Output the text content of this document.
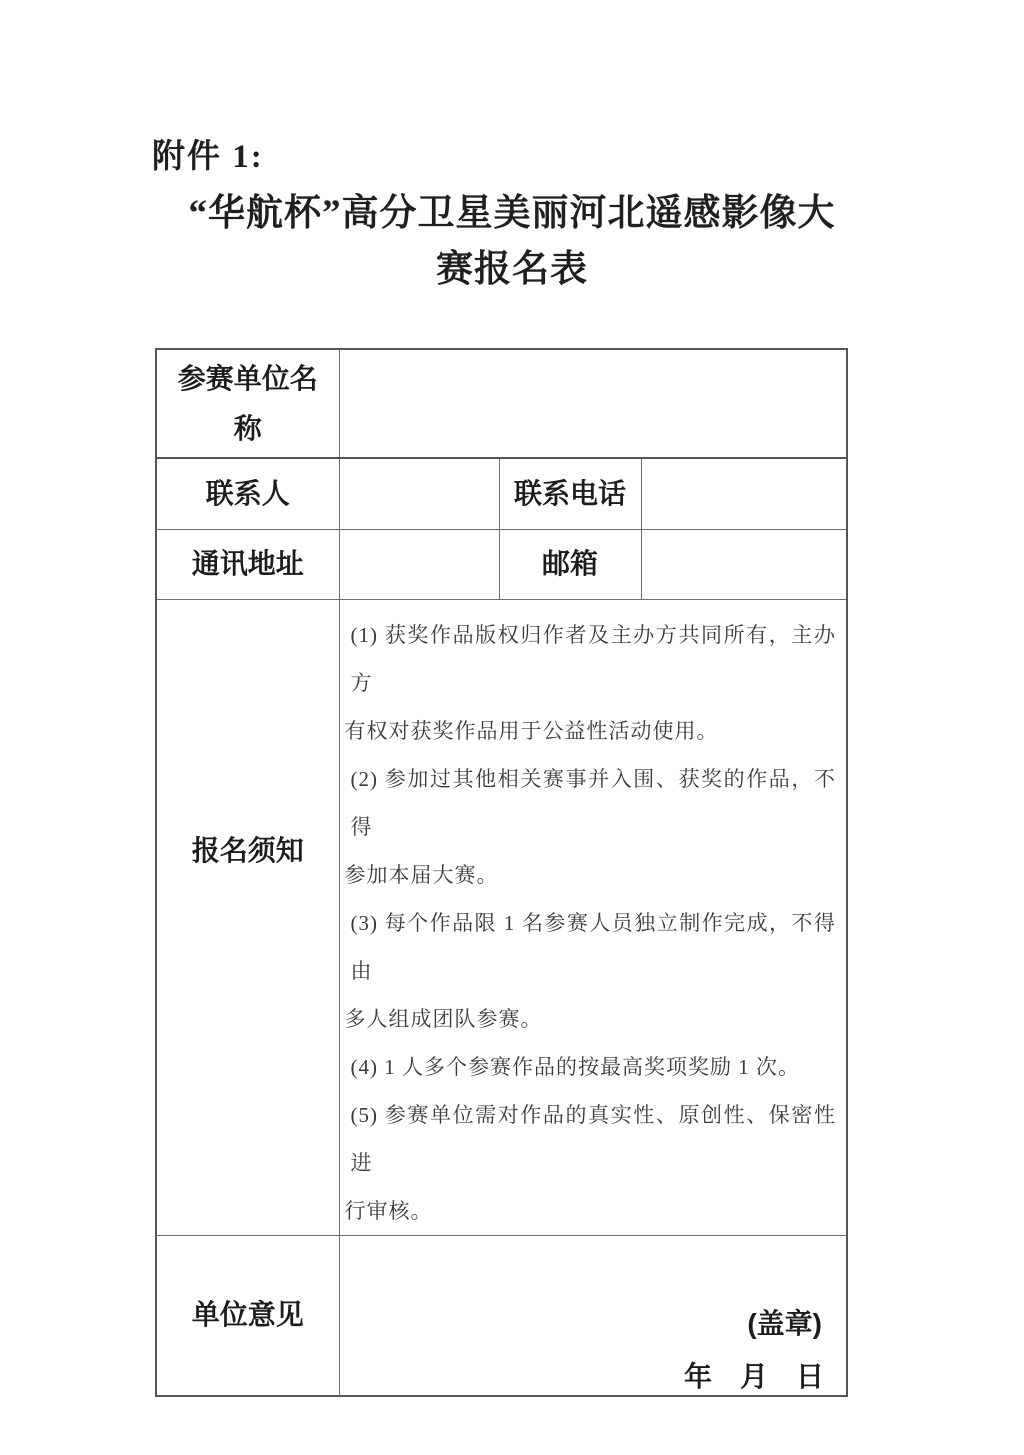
附件 1:
“华航杯”高分卫星美丽河北遥感影像大
赛报名表
参赛单位名称			
联系人		联系电话	
通讯地址		邮箱	
报名须知	
(1) 获奖作品版权归作者及主办方共同所有，主办方
有权对获奖作品用于公益性活动使用。
(2) 参加过其他相关赛事并入围、获奖的作品，不得
参加本届大赛。
(3) 每个作品限 1 名参赛人员独立制作完成，不得由
多人组成团队参赛。
(4) 1 人多个参赛作品的按最高奖项奖励 1 次。
(5) 参赛单位需对作品的真实性、原创性、保密性进
行审核。

单位意见	(盖章)
年　月　日		
